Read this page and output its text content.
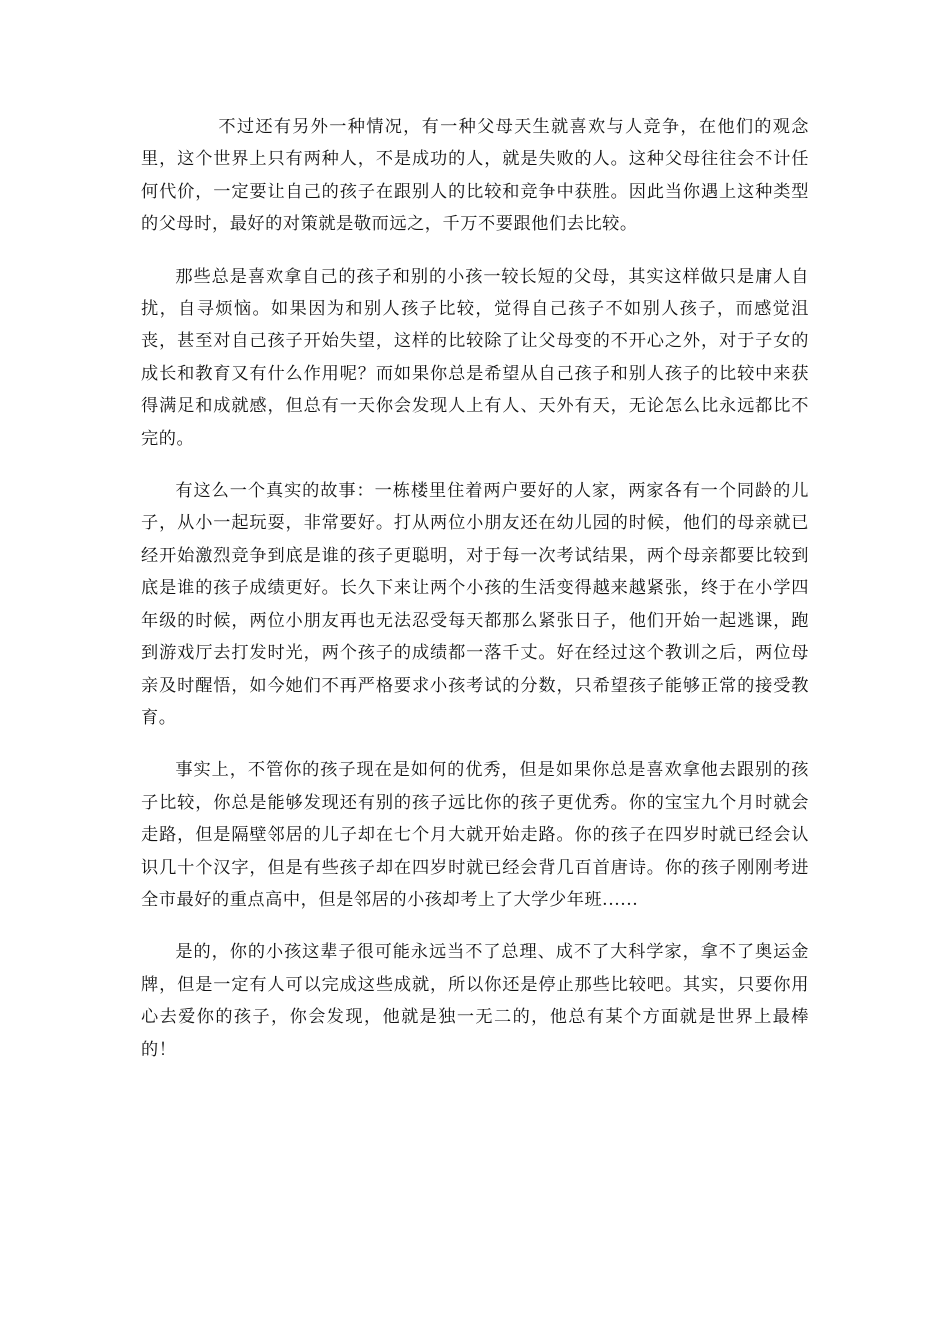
不过还有另外一种情况，有一种父母天生就喜欢与人竞争，在他们的观念里，这个世界上只有两种人，不是成功的人，就是失败的人。这种父母往往会不计任何代价，一定要让自己的孩子在跟别人的比较和竞争中获胜。因此当你遇上这种类型的父母时，最好的对策就是敬而远之，千万不要跟他们去比较。

那些总是喜欢拿自己的孩子和别的小孩一较长短的父母，其实这样做只是庸人自扰，自寻烦恼。如果因为和别人孩子比较，觉得自己孩子不如别人孩子，而感觉沮丧，甚至对自己孩子开始失望，这样的比较除了让父母变的不开心之外，对于子女的成长和教育又有什么作用呢？而如果你总是希望从自己孩子和别人孩子的比较中来获得满足和成就感，但总有一天你会发现人上有人、天外有天，无论怎么比永远都比不完的。

有这么一个真实的故事：一栋楼里住着两户要好的人家，两家各有一个同龄的儿子，从小一起玩耍，非常要好。打从两位小朋友还在幼儿园的时候，他们的母亲就已经开始激烈竞争到底是谁的孩子更聪明，对于每一次考试结果，两个母亲都要比较到底是谁的孩子成绩更好。长久下来让两个小孩的生活变得越来越紧张，终于在小学四年级的时候，两位小朋友再也无法忍受每天都那么紧张日子，他们开始一起逃课，跑到游戏厅去打发时光，两个孩子的成绩都一落千丈。好在经过这个教训之后，两位母亲及时醒悟，如今她们不再严格要求小孩考试的分数，只希望孩子能够正常的接受教育。

事实上，不管你的孩子现在是如何的优秀，但是如果你总是喜欢拿他去跟别的孩子比较，你总是能够发现还有别的孩子远比你的孩子更优秀。你的宝宝九个月时就会走路，但是隔壁邻居的儿子却在七个月大就开始走路。你的孩子在四岁时就已经会认识几十个汉字，但是有些孩子却在四岁时就已经会背几百首唐诗。你的孩子刚刚考进全市最好的重点高中，但是邻居的小孩却考上了大学少年班......

是的，你的小孩这辈子很可能永远当不了总理、成不了大科学家，拿不了奥运金牌，但是一定有人可以完成这些成就，所以你还是停止那些比较吧。其实，只要你用心去爱你的孩子，你会发现，他就是独一无二的，他总有某个方面就是世界上最棒的！
